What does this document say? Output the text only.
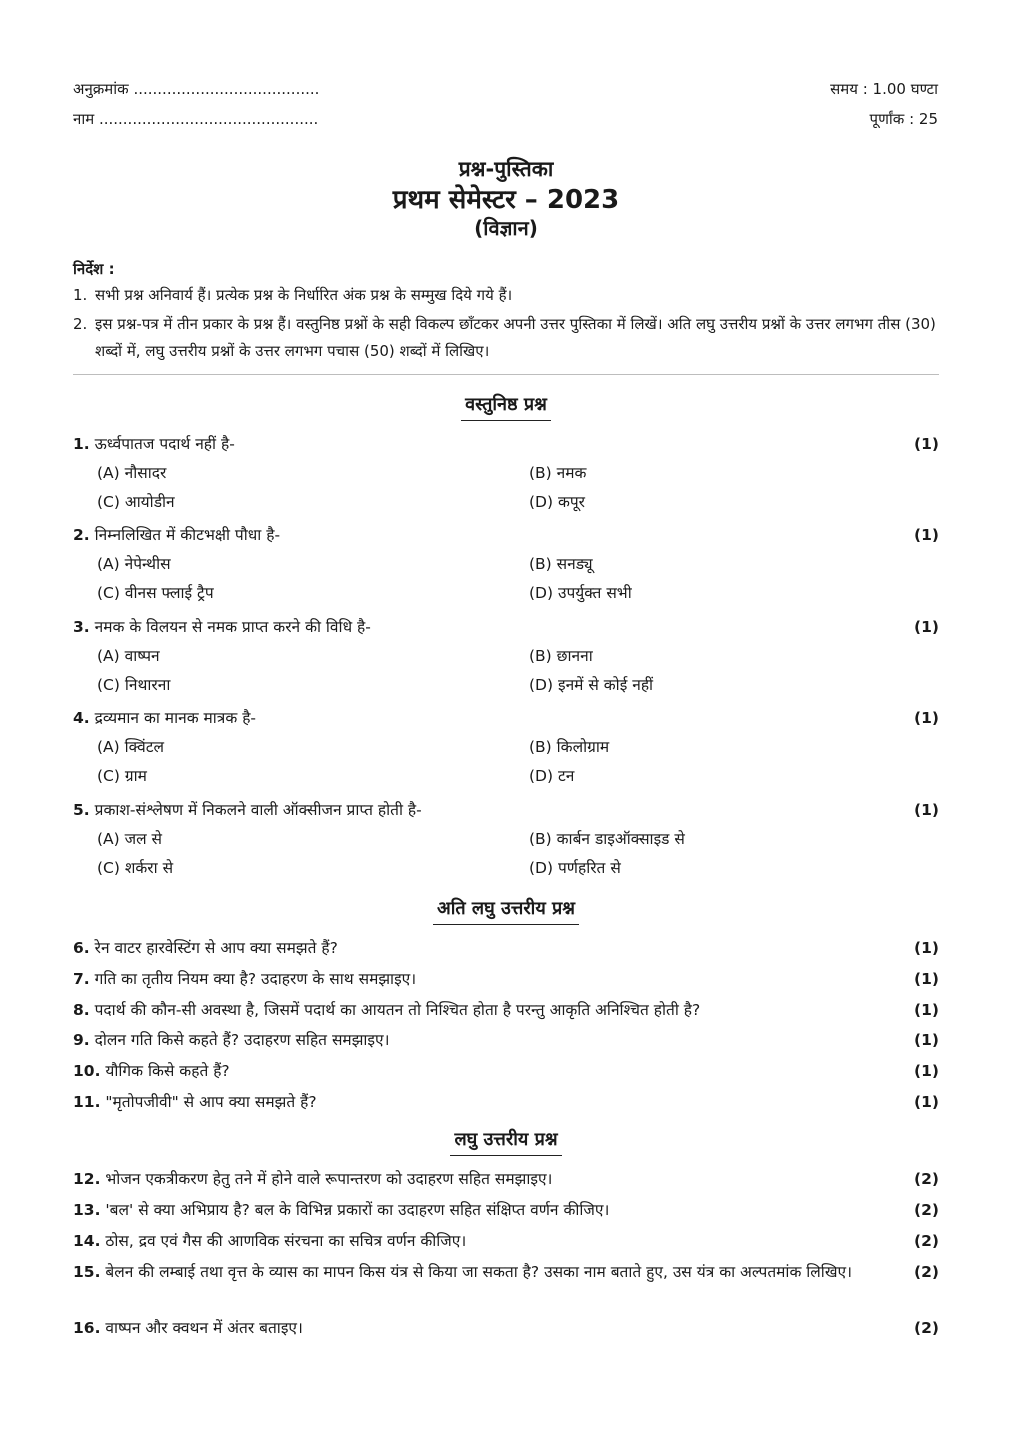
अनुक्रमांक .......................................
नाम ..............................................
समय : 1.00 घण्टा
पूर्णांक : 25
प्रश्न-पुस्तिका
प्रथम सेमेस्टर – 2023
(विज्ञान)
निर्देश :
1. सभी प्रश्न अनिवार्य हैं। प्रत्येक प्रश्न के निर्धारित अंक प्रश्न के सम्मुख दिये गये हैं।
2. इस प्रश्न-पत्र में तीन प्रकार के प्रश्न हैं। वस्तुनिष्ठ प्रश्नों के सही विकल्प छाँटकर अपनी उत्तर पुस्तिका में लिखें। अति लघु उत्तरीय प्रश्नों के उत्तर लगभग तीस (30) शब्दों में, लघु उत्तरीय प्रश्नों के उत्तर लगभग पचास (50) शब्दों में लिखिए।
वस्तुनिष्ठ प्रश्न
1. ऊर्ध्वपातज पदार्थ नहीं है-	(1)
(A) नौसादर	(B) नमक
(C) आयोडीन	(D) कपूर
2. निम्नलिखित में कीटभक्षी पौधा है-	(1)
(A) नेपेन्थीस	(B) सनड्यू
(C) वीनस फ्लाई ट्रैप	(D) उपर्युक्त सभी
3. नमक के विलयन से नमक प्राप्त करने की विधि है-	(1)
(A) वाष्पन	(B) छानना
(C) निथारना	(D) इनमें से कोई नहीं
4. द्रव्यमान का मानक मात्रक है-	(1)
(A) क्विंटल	(B) किलोग्राम
(C) ग्राम	(D) टन
5. प्रकाश-संश्लेषण में निकलने वाली ऑक्सीजन प्राप्त होती है-	(1)
(A) जल से	(B) कार्बन डाइऑक्साइड से
(C) शर्करा से	(D) पर्णहरित से
अति लघु उत्तरीय प्रश्न
6. रेन वाटर हारवेस्टिंग से आप क्या समझते हैं?	(1)
7. गति का तृतीय नियम क्या है? उदाहरण के साथ समझाइए।	(1)
8. पदार्थ की कौन-सी अवस्था है, जिसमें पदार्थ का आयतन तो निश्चित होता है परन्तु आकृति अनिश्चित होती है?	(1)
9. दोलन गति किसे कहते हैं? उदाहरण सहित समझाइए।	(1)
10. यौगिक किसे कहते हैं?	(1)
11. "मृतोपजीवी" से आप क्या समझते हैं?	(1)
लघु उत्तरीय प्रश्न
12. भोजन एकत्रीकरण हेतु तने में होने वाले रूपान्तरण को उदाहरण सहित समझाइए।	(2)
13. 'बल' से क्या अभिप्राय है? बल के विभिन्न प्रकारों का उदाहरण सहित संक्षिप्त वर्णन कीजिए।	(2)
14. ठोस, द्रव एवं गैस की आणविक संरचना का सचित्र वर्णन कीजिए।	(2)
15. बेलन की लम्बाई तथा वृत्त के व्यास का मापन किस यंत्र से किया जा सकता है? उसका नाम बताते हुए, उस यंत्र का अल्पतमांक लिखिए।	(2)
16. वाष्पन और क्वथन में अंतर बताइए।	(2)
